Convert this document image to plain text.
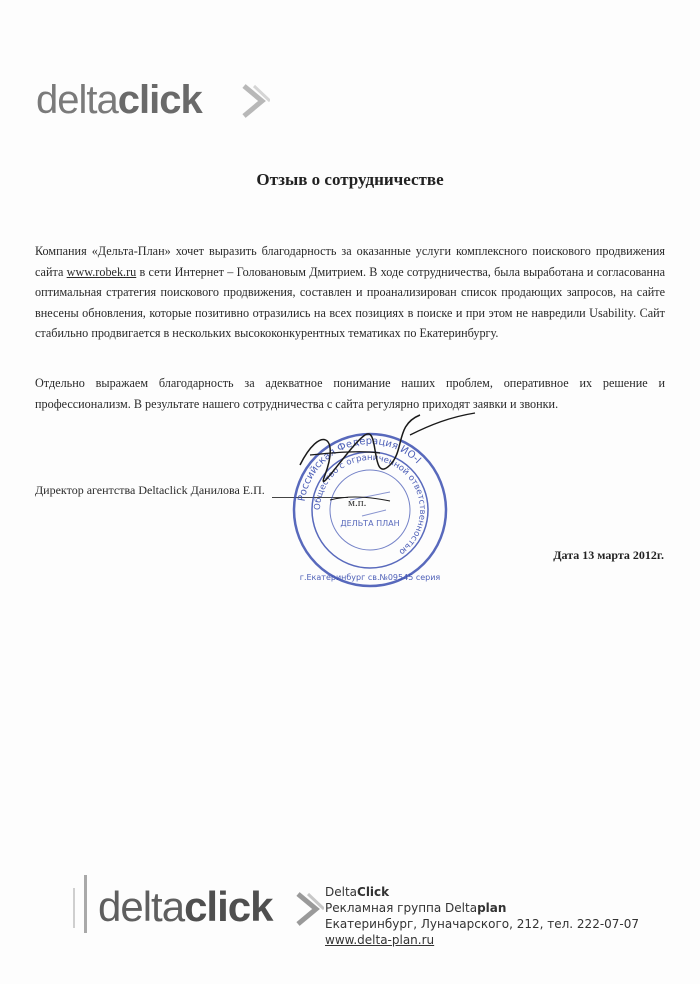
deltaclick
Отзыв о сотрудничестве
Компания «Дельта-План» хочет выразить благодарность за оказанные услуги комплексного поискового продвижения сайта www.robek.ru в сети Интернет – Головановым Дмитрием. В ходе сотрудничества, была выработана и согласованна оптимальная стратегия поискового продвижения, составлен и проанализирован список продающих запросов, на сайте внесены обновления, которые позитивно отразились на всех позициях в поиске и при этом не навредили Usability. Сайт стабильно продвигается в нескольких высококонкурентных тематиках по Екатеринбургу.
Отдельно выражаем благодарность за адекватное понимание наших проблем, оперативное их решение и профессионализм. В результате нашего сотрудничества с сайта регулярно приходят заявки и звонки.
Директор агентства Deltaclick Данилова Е.П.
м.п.
Российская Федерация ИО-I
Общество с ограниченной ответственностью
г.Екатеринбург св.№09545 серия
ДЕЛЬТА ПЛАН
Дата 13 марта 2012г.
deltaclick	DeltaClick
Рекламная группа Deltaplan
Екатеринбург, Луначарского, 212, тел. 222-07-07
www.delta-plan.ru
